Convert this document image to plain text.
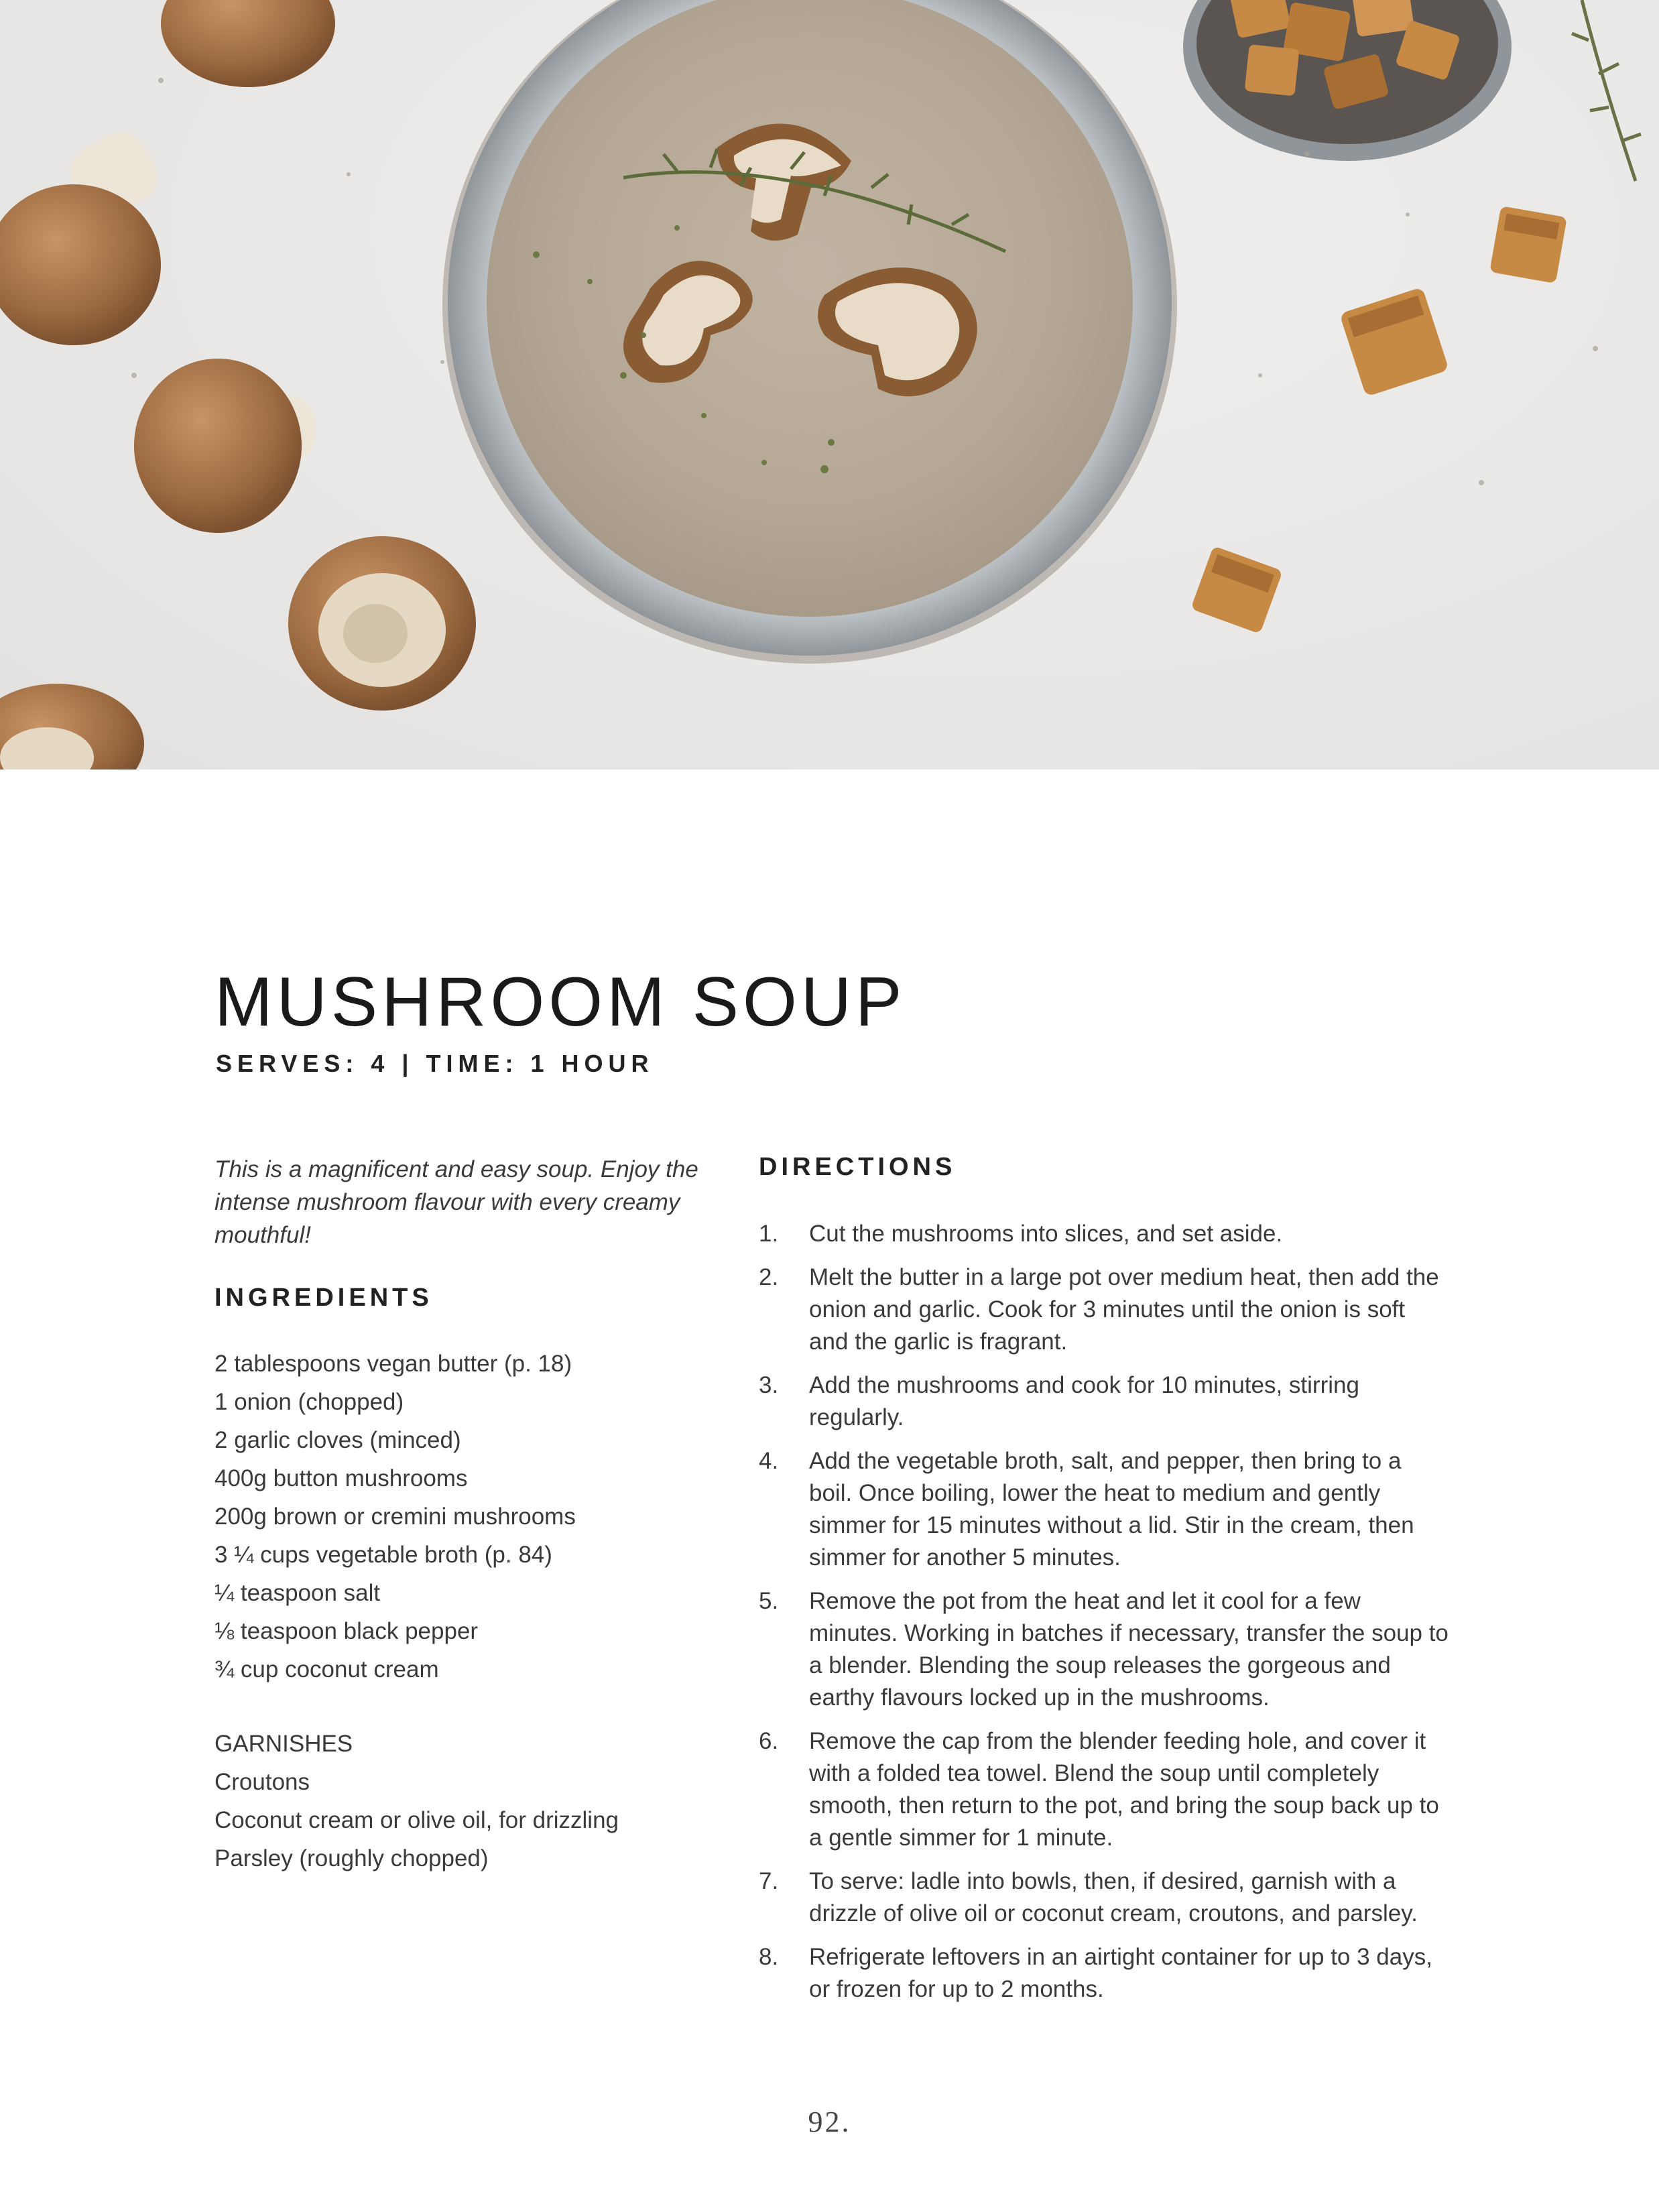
MUSHROOM SOUP

SERVES: 4 | TIME: 1 HOUR

This is a magnificent and easy soup. Enjoy the intense mushroom flavour with every creamy mouthful!

INGREDIENTS
2 tablespoons vegan butter (p. 18)
1 onion (chopped)
2 garlic cloves (minced)
400g button mushrooms
200g brown or cremini mushrooms
3 ¼ cups vegetable broth (p. 84)
¼ teaspoon salt
⅛ teaspoon black pepper
¾ cup coconut cream
GARNISHES
Croutons
Coconut cream or olive oil, for drizzling
Parsley (roughly chopped)
DIRECTIONS
1. Cut the mushrooms into slices, and set aside.
2. Melt the butter in a large pot over medium heat, then add the onion and garlic. Cook for 3 minutes until the onion is soft and the garlic is fragrant.
3. Add the mushrooms and cook for 10 minutes, stirring regularly.
4. Add the vegetable broth, salt, and pepper, then bring to a boil. Once boiling, lower the heat to medium and gently simmer for 15 minutes without a lid. Stir in the cream, then simmer for another 5 minutes.
5. Remove the pot from the heat and let it cool for a few minutes. Working in batches if necessary, transfer the soup to a blender. Blending the soup releases the gorgeous and earthy flavours locked up in the mushrooms.
6. Remove the cap from the blender feeding hole, and cover it with a folded tea towel. Blend the soup until completely smooth, then return to the pot, and bring the soup back up to a gentle simmer for 1 minute.
7. To serve: ladle into bowls, then, if desired, garnish with a drizzle of olive oil or coconut cream, croutons, and parsley.
8. Refrigerate leftovers in an airtight container for up to 3 days, or frozen for up to 2 months.
92.
